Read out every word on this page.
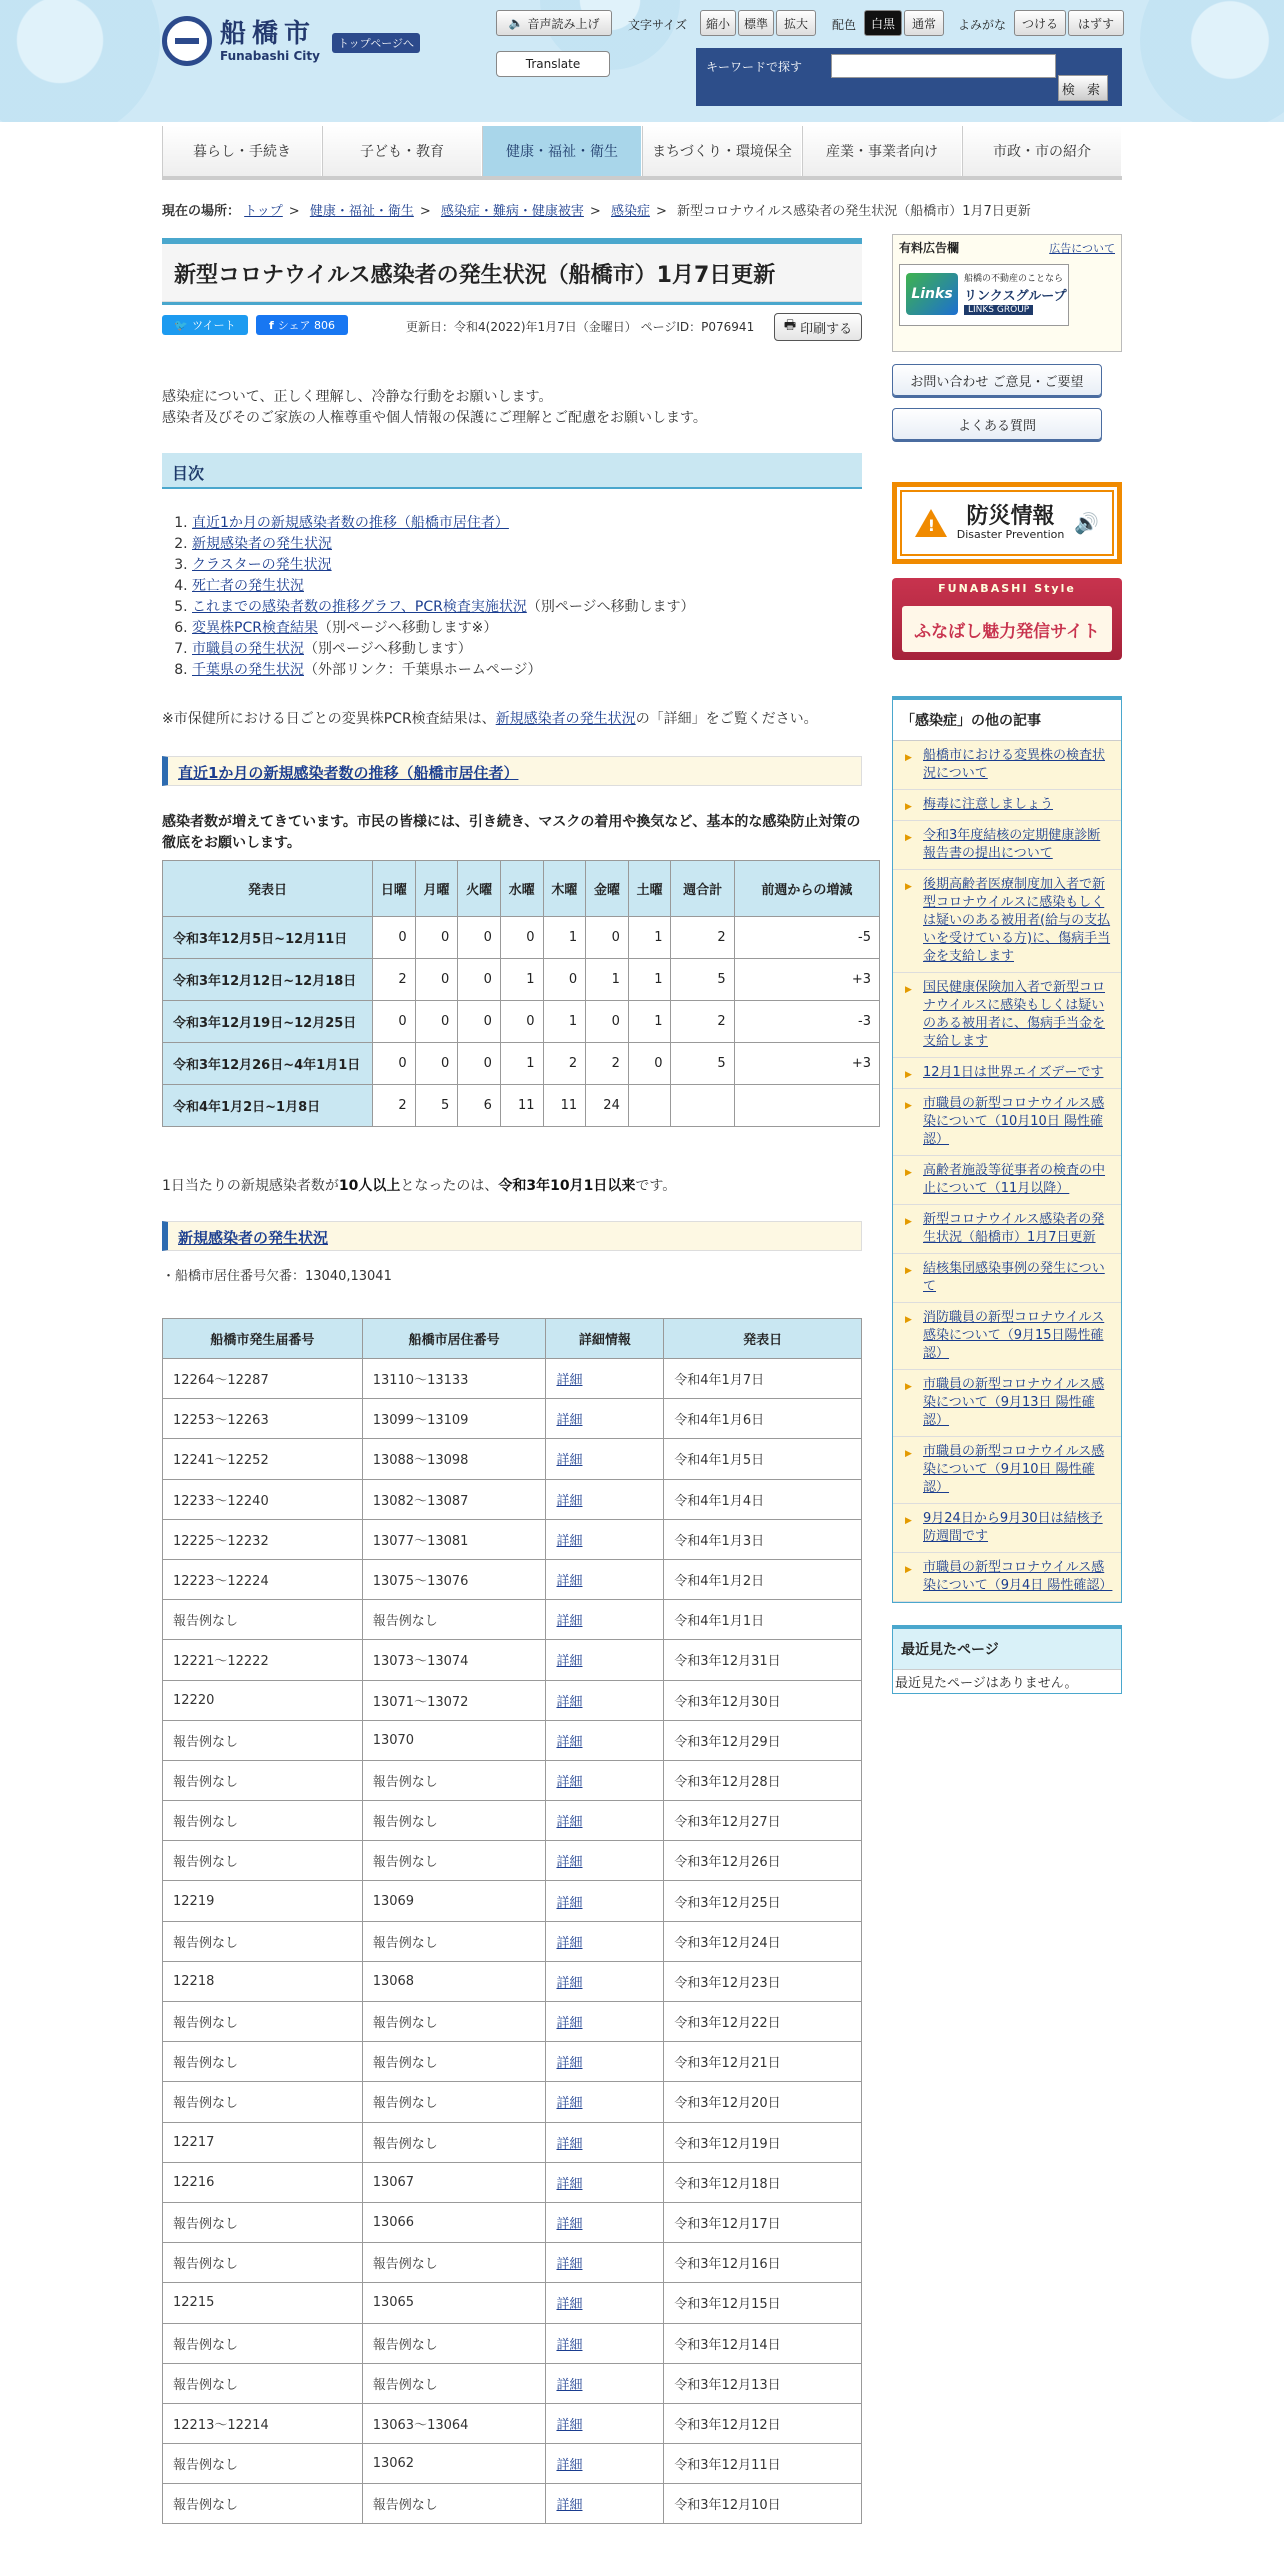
船橋市
Funabashi City
トップページへ
🔈 音声読み上げ
Translate
文字サイズ	縮小	標準	拡大	配色	白黒	通常	よみがな	つける	はずす
キーワードで探す
検 索
暮らし・手続き	子ども・教育	健康・福祉・衛生	まちづくり・環境保全	産業・事業者向け	市政・市の紹介
現在の場所： トップ > 健康・福祉・衛生 > 感染症・難病・健康被害 > 感染症 > 新型コロナウイルス感染者の発生状況（船橋市）1月7日更新
新型コロナウイルス感染者の発生状況（船橋市）1月7日更新
🐦 ツイート	f シェア 806	更新日：令和4(2022)年1月7日（金曜日） ページID：P076941 🖶 印刷する

感染症について、正しく理解し、冷静な行動をお願いします。

感染者及びそのご家族の人権尊重や個人情報の保護にご理解とご配慮をお願いします。

目次
1. 直近1か月の新規感染者数の推移（船橋市居住者）
2. 新規感染者の発生状況
3. クラスターの発生状況
4. 死亡者の発生状況
5. これまでの感染者数の推移グラフ、PCR検査実施状況（別ページへ移動します）
6. 変異株PCR検査結果（別ページへ移動します※）
7. 市職員の発生状況（別ページへ移動します）
8. 千葉県の発生状況（外部リンク：千葉県ホームページ）

※市保健所における日ごとの変異株PCR検査結果は、新規感染者の発生状況の「詳細」をご覧ください。

直近1か月の新規感染者数の推移（船橋市居住者）

感染者数が増えてきています。市民の皆様には、引き続き、マスクの着用や換気など、基本的な感染防止対策の徹底をお願いします。

発表日	日曜	月曜	火曜	水曜	木曜	金曜	土曜	週合計	前週からの増減
令和3年12月5日~12月11日	0	0	0	0	1	0	1	2	-5
令和3年12月12日~12月18日	2	0	0	1	0	1	1	5	+3
令和3年12月19日~12月25日	0	0	0	0	1	0	1	2	-3
令和3年12月26日~4年1月1日	0	0	0	1	2	2	0	5	+3
令和4年1月2日~1月8日	2	5	6	11	11	24			

1日当たりの新規感染者数が10人以上となったのは、令和3年10月1日以来です。

新規感染者の発生状況

・船橋市居住番号欠番：13040,13041

船橋市発生届番号	船橋市居住番号	詳細情報	発表日
12264～12287	13110～13133	詳細	令和4年1月7日
12253～12263	13099～13109	詳細	令和4年1月6日
12241～12252	13088～13098	詳細	令和4年1月5日
12233～12240	13082～13087	詳細	令和4年1月4日
12225～12232	13077～13081	詳細	令和4年1月3日
12223～12224	13075～13076	詳細	令和4年1月2日
報告例なし	報告例なし	詳細	令和4年1月1日
12221～12222	13073～13074	詳細	令和3年12月31日
12220	13071～13072	詳細	令和3年12月30日
報告例なし	13070	詳細	令和3年12月29日
報告例なし	報告例なし	詳細	令和3年12月28日
報告例なし	報告例なし	詳細	令和3年12月27日
報告例なし	報告例なし	詳細	令和3年12月26日
12219	13069	詳細	令和3年12月25日
報告例なし	報告例なし	詳細	令和3年12月24日
12218	13068	詳細	令和3年12月23日
報告例なし	報告例なし	詳細	令和3年12月22日
報告例なし	報告例なし	詳細	令和3年12月21日
報告例なし	報告例なし	詳細	令和3年12月20日
12217	報告例なし	詳細	令和3年12月19日
12216	13067	詳細	令和3年12月18日
報告例なし	13066	詳細	令和3年12月17日
報告例なし	報告例なし	詳細	令和3年12月16日
12215	13065	詳細	令和3年12月15日
報告例なし	報告例なし	詳細	令和3年12月14日
報告例なし	報告例なし	詳細	令和3年12月13日
12213～12214	13063～13064	詳細	令和3年12月12日
報告例なし	13062	詳細	令和3年12月11日
報告例なし	報告例なし	詳細	令和3年12月10日
有料広告欄	広告について
Links
船橋の不動産のことなら
リンクスグループ
LINKS GROUP
お問い合わせ ご意見・ご要望
よくある質問
!
防災情報
Disaster Prevention 🔊
FUNABASHI Style
ふなばし魅力発信サイト
「感染症」の他の記事
▶ 船橋市における変異株の検査状況について
▶ 梅毒に注意しましょう
▶ 令和3年度結核の定期健康診断報告書の提出について
▶ 後期高齢者医療制度加入者で新型コロナウイルスに感染もしくは疑いのある被用者(給与の支払いを受けている方)に、傷病手当金を支給します
▶ 国民健康保険加入者で新型コロナウイルスに感染もしくは疑いのある被用者に、傷病手当金を支給します
▶ 12月1日は世界エイズデーです
▶ 市職員の新型コロナウイルス感染について（10月10日 陽性確認）
▶ 高齢者施設等従事者の検査の中止について（11月以降）
▶ 新型コロナウイルス感染者の発生状況（船橋市）1月7日更新
▶ 結核集団感染事例の発生について
▶ 消防職員の新型コロナウイルス感染について（9月15日陽性確認）
▶ 市職員の新型コロナウイルス感染について（9月13日 陽性確認）
▶ 市職員の新型コロナウイルス感染について（9月10日 陽性確認）
▶ 9月24日から9月30日は結核予防週間です
▶ 市職員の新型コロナウイルス感染について（9月4日 陽性確認）
最近見たページ
最近見たページはありません。
